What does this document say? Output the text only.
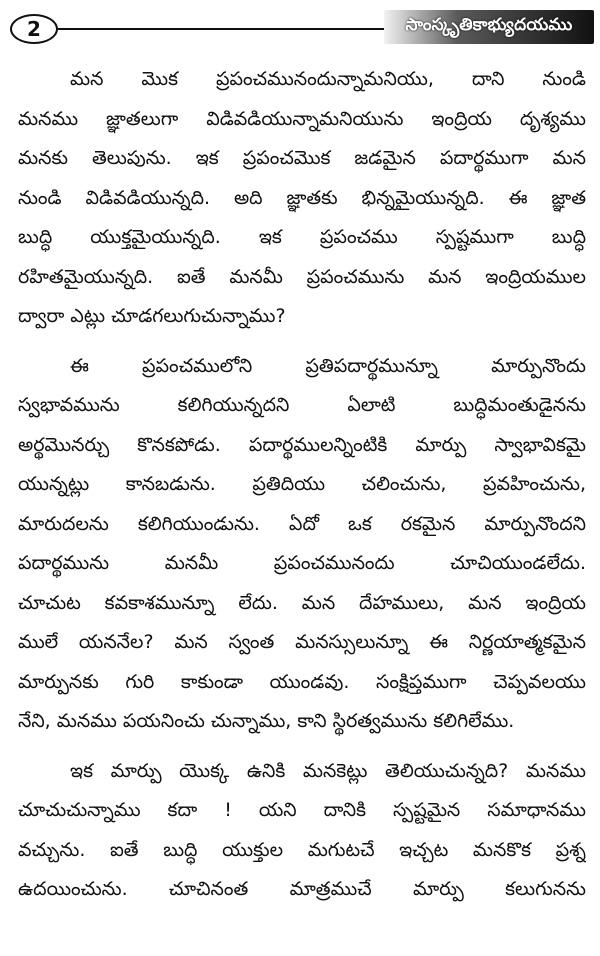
2	సాంస్కృతికాభ్యుదయము
మన మొక ప్రపంచమునందున్నామనియు, దాని నుండి
మనము జ్ఞాతలుగా విడివడియున్నామనియును ఇంద్రియ దృశ్యము
మనకు తెలుపును. ఇక ప్రపంచమొక జడమైన పదార్థముగా మన
నుండి విడివడియున్నది. అది జ్ఞాతకు భిన్నమైయున్నది. ఈ జ్ఞాత
బుద్ధి యుక్తమైయున్నది. ఇక ప్రపంచము స్పష్టముగా బుద్ధి
రహితమైయున్నది. ఐతే మనమీ ప్రపంచమును మన ఇంద్రియముల
ద్వారా ఎట్లు చూడగలుగుచున్నాము?
ఈ ప్రపంచములోని ప్రతిపదార్థమున్నూ మార్పునొందు
స్వభావమును కలిగియున్నదని ఏలాటి బుద్ధిమంతుడైనను
అర్థమొనర్చు కొనకపోడు. పదార్థములన్నింటికి మార్పు స్వాభావికమై
యున్నట్లు కానబడును. ప్రతిదియు చలించును, ప్రవహించును,
మారుదలను కలిగియుండును. ఏదో ఒక రకమైన మార్పునొందని
పదార్థమును మనమీ ప్రపంచమునందు చూచియుండలేదు.
చూచుట కవకాశమున్నూ లేదు. మన దేహములు, మన ఇంద్రియ
ములే యననేల? మన స్వంత మనస్సులున్నూ ఈ నిర్ణయాత్మకమైన
మార్పునకు గురి కాకుండా యుండవు. సంక్షిప్తముగా చెప్పవలయు
నేని, మనము పయనించు చున్నాము, కాని స్థిరత్వమును కలిగిలేము.
ఇక మార్పు యొక్క ఉనికి మనకెట్లు తెలియుచున్నది? మనము
చూచుచున్నాము కదా ! యని దానికి స్పష్టమైన సమాధానము
వచ్చును. ఐతే బుద్ధి యుక్తుల మగుటచే ఇచ్చట మనకొక ప్రశ్న
ఉదయించును. చూచినంత మాత్రముచే మార్పు కలుగునను
